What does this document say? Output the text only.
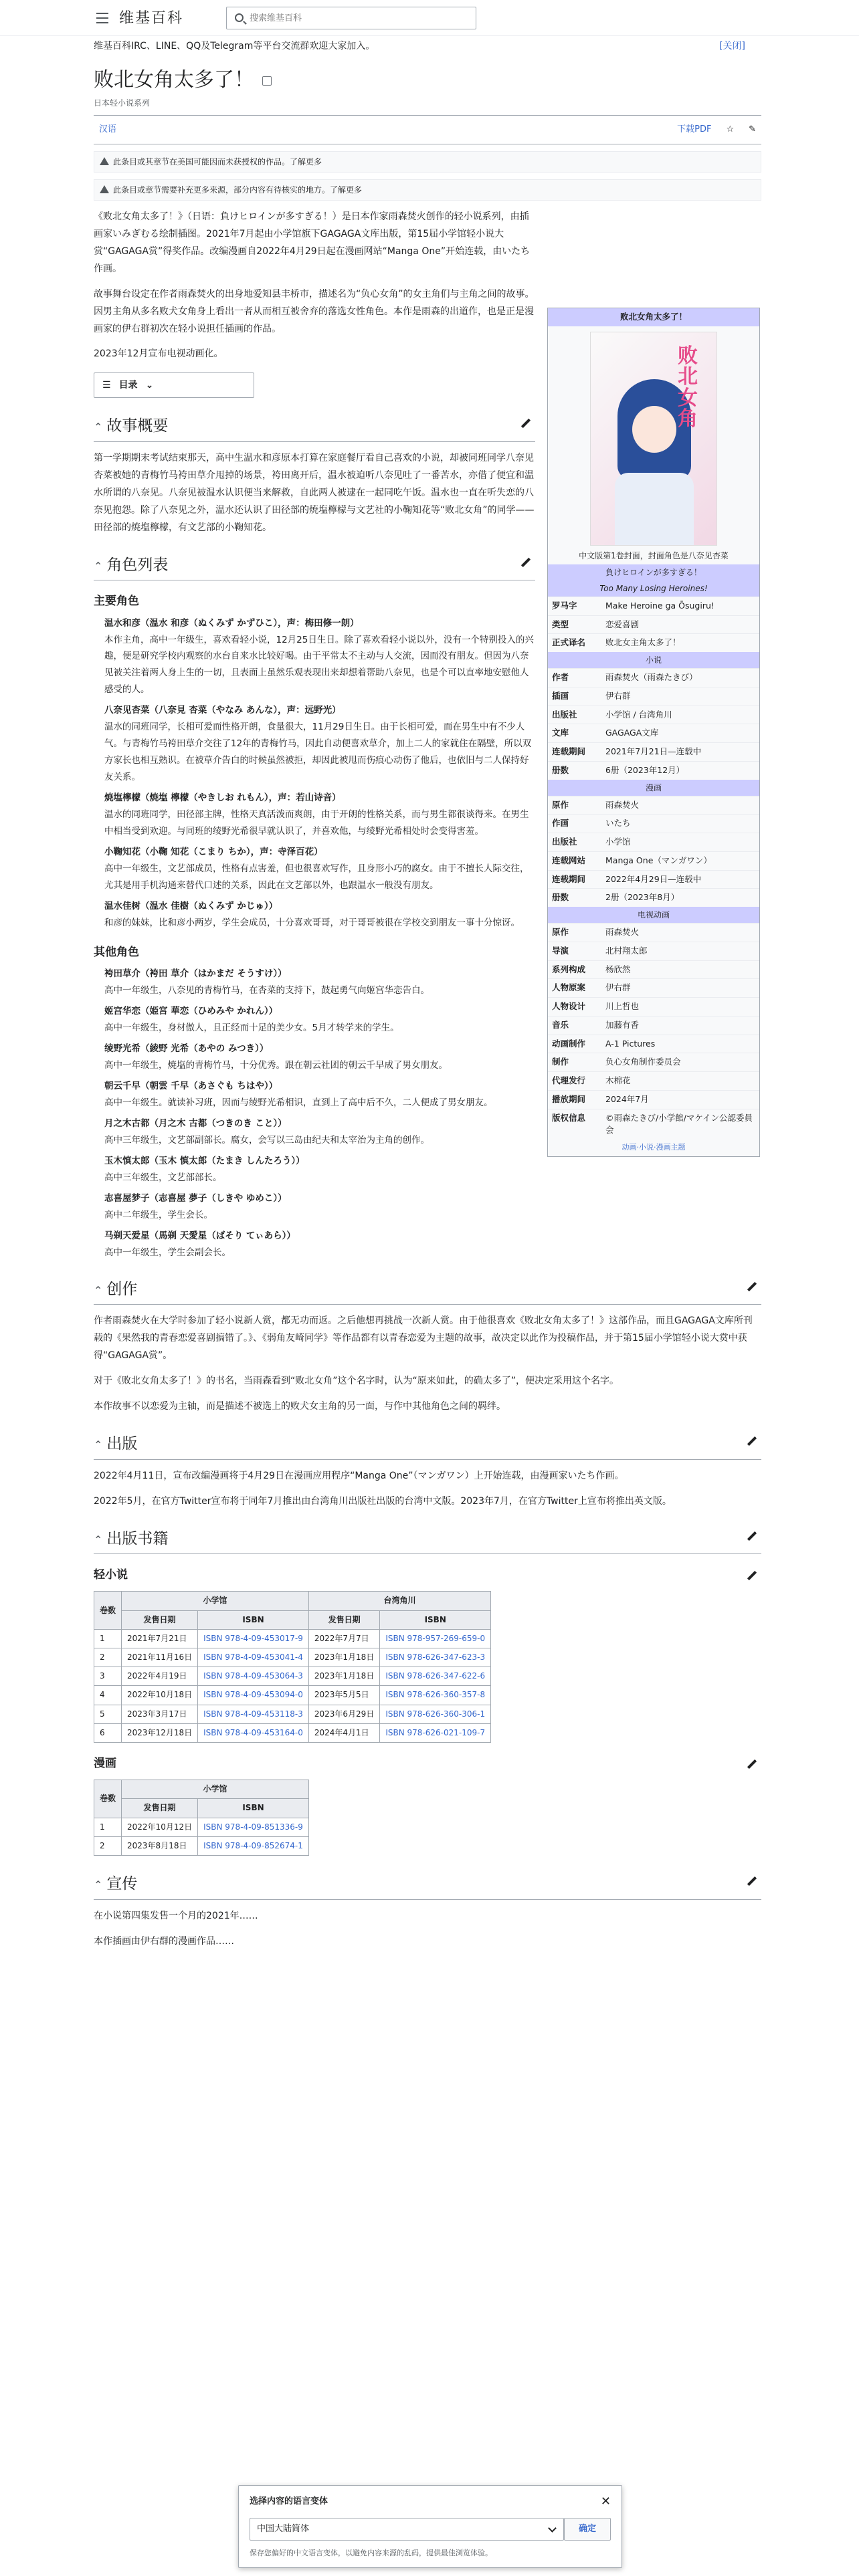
维基百科
搜索维基百科
维基百科IRC、LINE、QQ及Telegram等平台交流群欢迎大家加入。	[关闭]
败北女角太多了！
日本轻小说系列
汉语	下载PDF ☆ ✎
此条目或其章节在美国可能因而未获授权的作品。了解更多
此条目或章节需要补充更多来源，部分内容有待核实的地方。了解更多

《败北女角太多了！》（日语：負けヒロインが多すぎる！）是日本作家雨森焚火创作的轻小说系列，由插画家いみぎむる绘制插图。2021年7月起由小学馆旗下GAGAGA文库出版，第15届小学馆轻小说大赏“GAGAGA赏”得奖作品。改编漫画自2022年4月29日起在漫画网站“Manga One”开始连载，由いたち作画。

故事舞台设定在作者雨森焚火的出身地爱知县丰桥市，描述名为“负心女角”的女主角们与主角之间的故事。因男主角从多名败犬女角身上看出一者从而相互被舍弃的落选女性角色。本作是雨森的出道作，也是正是漫画家的伊右群初次在轻小说担任插画的作品。

2023年12月宣布电视动画化。

☰ 目录 ⌄
⌃ 故事概要

第一学期期末考试结束那天，高中生温水和彦原本打算在家庭餐厅看自己喜欢的小说，却被同班同学八奈见杏菜被她的青梅竹马袴田草介甩掉的场景，袴田离开后，温水被迫听八奈见吐了一番苦水，亦借了便宜和温水所谓的八奈见。八奈见被温水认识便当来解救，自此两人被逮在一起同吃午饭。温水也一直在听失恋的八奈见抱怨。除了八奈见之外，温水还认识了田径部的焼塩檸檬与文艺社的小鞠知花等“败北女角”的同学——田径部的焼塩檸檬，有文艺部的小鞠知花。

⌃ 角色列表
主要角色
温水和彦（温水 和彦（ぬくみず かずひこ），声：梅田修一朗）
本作主角，高中一年级生，喜欢看轻小说，12月25日生日。除了喜欢看轻小说以外，没有一个特别投入的兴趣，便是研究学校内观察的水台自来水比较好喝。由于平常太不主动与人交流，因而没有朋友。但因为八奈见被关注着两人身上生的一切，且表面上虽然乐观表现出来却想着帮助八奈见，也是个可以直率地安慰他人感受的人。
八奈见杏菜（八奈見 杏菜（やなみ あんな），声：远野光）
温水的同班同学，长相可爱而性格开朗，食量很大，11月29日生日。由于长相可爱，而在男生中有不少人气。与青梅竹马袴田草介交往了12年的青梅竹马，因此自动便喜欢草介，加上二人的家就住在隔壁，所以双方家长也相互熟识。在被草介告白的时候虽然被拒，却因此被甩而伤痕心动伤了他后，也依旧与二人保持好友关系。
焼塩檸檬（焼塩 檸檬（やきしお れもん），声：若山诗音）
温水的同班同学，田径部主牌，性格天真活泼而爽朗，由于开朗的性格关系，而与男生都很谈得来。在男生中相当受到欢迎。与同班的绫野光希很早就认识了，并喜欢他，与绫野光希相处时会变得害羞。
小鞠知花（小鞠 知花（こまり ちか），声：寺泽百花）
高中一年级生，文艺部成员，性格有点害羞，但也很喜欢写作，且身形小巧的腐女。由于不擅长人际交往，尤其是用手机沟通来替代口述的关系，因此在文艺部以外，也跟温水一般没有朋友。
温水佳树（温水 佳樹（ぬくみず かじゅ））
和彦的妹妹，比和彦小两岁，学生会成员，十分喜欢哥哥，对于哥哥被很在学校交到朋友一事十分惊讶。
其他角色
袴田草介（袴田 草介（はかまだ そうすけ））
高中一年级生，八奈见的青梅竹马，在杏菜的支持下，鼓起勇气向姬宫华恋告白。
姬宫华恋（姫宮 華恋（ひめみや かれん））
高中一年级生，身材傲人，且正经而十足的美少女。5月才转学来的学生。
绫野光希（綾野 光希（あやの みつき））
高中一年级生，焼塩的青梅竹马，十分优秀。跟在朝云社团的朝云千早成了男女朋友。
朝云千早（朝雲 千早（あさぐも ちはや））
高中一年级生。就读补习班，因而与绫野光希相识，直到上了高中后不久，二人便成了男女朋友。
月之木古都（月之木 古都（つきのき こと））
高中三年级生，文艺部副部长。腐女，会写以三岛由纪夫和太宰治为主角的创作。
玉木慎太郎（玉木 慎太郎（たまき しんたろう））
高中三年级生，文艺部部长。
志喜屋梦子（志喜屋 夢子（しきや ゆめこ））
高中二年级生，学生会长。
马剃天爱星（馬剃 天愛星（ばそり てぃあら））
高中一年级生，学生会副会长。
⌃ 创作

作者雨森焚火在大学时参加了轻小说新人赏，都无功而返。之后他想再挑战一次新人赏。由于他很喜欢《败北女角太多了！》这部作品，而且GAGAGA文库所刊载的《果然我的青春恋爱喜剧搞错了。》、《弱角友崎同学》等作品都有以青春恋爱为主题的故事，故决定以此作为投稿作品，并于第15届小学馆轻小说大赏中获得“GAGAGA赏”。

对于《败北女角太多了！》的书名，当雨森看到“败北女角”这个名字时，认为“原来如此，的确太多了”，便决定采用这个名字。

本作故事不以恋爱为主轴，而是描述不被选上的败犬女主角的另一面，与作中其他角色之间的羁绊。

⌃ 出版

2022年4月11日，宣布改编漫画将于4月29日在漫画应用程序“Manga One”（マンガワン）上开始连载，由漫画家いたち作画。

2022年5月，在官方Twitter宣布将于同年7月推出由台湾角川出版社出版的台湾中文版。2023年7月，在官方Twitter上宣布将推出英文版。

⌃ 出版书籍
轻小说
卷数	小学馆		台湾角川	
	发售日期	ISBN	发售日期	ISBN
1	2021年7月21日	ISBN 978-4-09-453017-9	2022年7月7日	ISBN 978-957-269-659-0
2	2021年11月16日	ISBN 978-4-09-453041-4	2023年1月18日	ISBN 978-626-347-623-3
3	2022年4月19日	ISBN 978-4-09-453064-3	2023年1月18日	ISBN 978-626-347-622-6
4	2022年10月18日	ISBN 978-4-09-453094-0	2023年5月5日	ISBN 978-626-360-357-8
5	2023年3月17日	ISBN 978-4-09-453118-3	2023年6月29日	ISBN 978-626-360-306-1
6	2023年12月18日	ISBN 978-4-09-453164-0	2024年4月1日	ISBN 978-626-021-109-7
漫画
卷数	小学馆	
	发售日期	ISBN
1	2022年10月12日	ISBN 978-4-09-851336-9
2	2023年8月18日	ISBN 978-4-09-852674-1
⌃ 宣传

在小说第四集发售一个月的2021年……

本作插画由伊右群的漫画作品……

败北女角太多了！
败北女角
中文版第1卷封面，封面角色是八奈见杏菜
負けヒロインが多すぎる！
Too Many Losing Heroines!
罗马字	Make Heroine ga Ōsugiru!
类型	恋爱喜剧
正式译名	败北女主角太多了！
小说
作者	雨森焚火（雨森たきび）
插画	伊右群
出版社	小学馆 / 台湾角川
文库	GAGAGA文库
连载期间	2021年7月21日—连载中
册数	6册（2023年12月）
漫画
原作	雨森焚火
作画	いたち
出版社	小学馆
连载网站	Manga One（マンガワン）
连载期间	2022年4月29日—连载中
册数	2册（2023年8月）
电视动画
原作	雨森焚火
导演	北村翔太郎
系列构成	杨欣然
人物原案	伊右群
人物设计	川上哲也
音乐	加藤有香
动画制作	A-1 Pictures
制作	负心女角制作委员会
代理发行	木棉花
播放期间	2024年7月
版权信息	©雨森たきび/小学館/マケイン公認委員会
动画·小说·漫画主题
选择内容的语言变体	✕
中国大陆简体	确定
保存您偏好的中文语言变体，以避免内容来源的乱码，提供最佳浏览体验。
